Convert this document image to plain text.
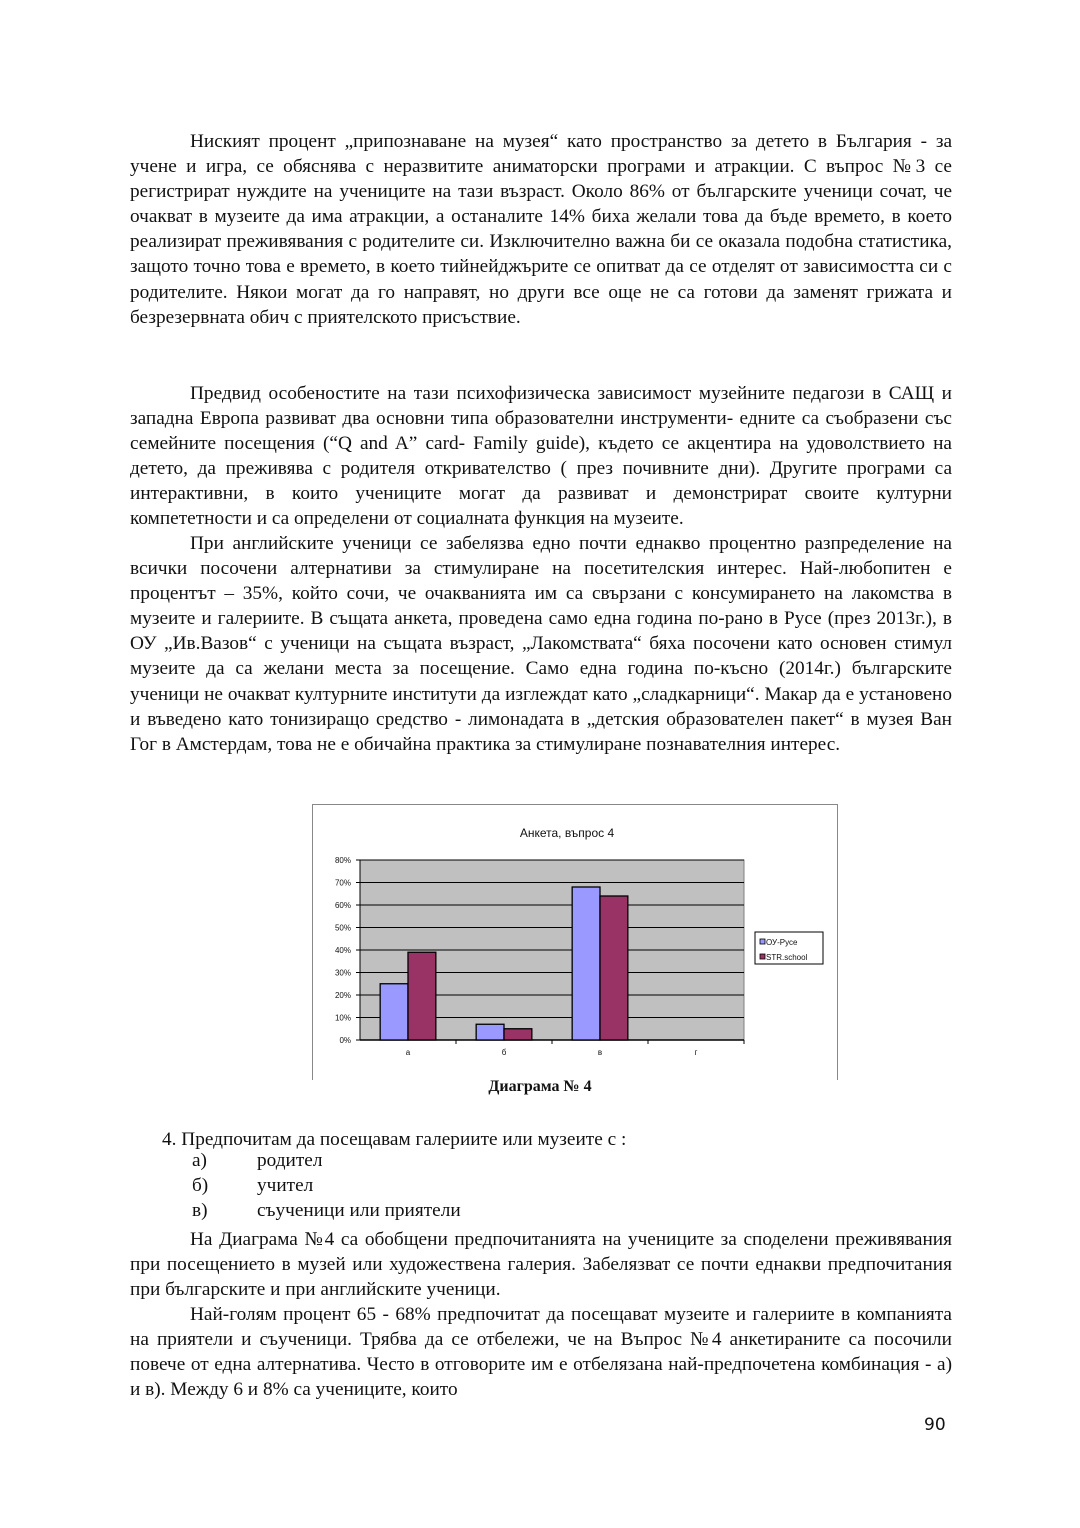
Ниският процент „припознаване на музея“ като пространство за детето в България - за учене и игра, се обяснява с неразвитите аниматорски програми и атракции. С въпрос №3 се регистрират нуждите на учениците на тази възраст. Около 86% от българските ученици сочат, че очакват в музеите да има атракции, а останалите 14% биха желали това да бъде времето, в което реализират преживявания с родителите си. Изключително важна би се оказала подобна статистика, защото точно това е времето, в което тийнейджърите се опитват да се отделят от зависимостта си с родителите. Някои могат да го направят, но други все още не са готови да заменят грижата и безрезервната обич с приятелското присъствие.

Предвид особеностите на тази психофизическа зависимост музейните педагози в САЩ и западна Европа развиват два основни типа образователни инструменти- едните са съобразени със семейните посещения (“Q and A” card- Family guide), където се акцентира на удоволствието на детето, да преживява с родителя откривателство ( през почивните дни). Другите програми са интерактивни, в които учениците могат да развиват и демонстрират своите културни компететности и са определени от социалната функция на музеите.

При английските ученици се забелязва едно почти еднакво процентно разпределение на всички посочени алтернативи за стимулиране на посетителския интерес. Най-любопитен е процентът – 35%, който сочи, че очакванията им са свързани с консумирането на лакомства в музеите и галериите. В същата анкета, проведена само една година по-рано в Русе (през 2013г.), в ОУ „Ив.Вазов“ с ученици на същата възраст, „Лакомствата“ бяха посочени като основен стимул музеите да са желани места за посещение. Само една година по-късно (2014г.) българските ученици не очакват културните институти да изглеждат като „сладкарници“. Макар да е установено и въведено като тонизиращо средство - лимонадата в „детския образователен пакет“ в музея Ван Гог в Амстердам, това не е обичайна практика за стимулиране познавателния интерес.

Анкета, въпрос 4
0%
10%
20%
30%
40%
50%
60%
70%
80%
а	б	в	г
ОУ-Русе
STR.school
Диаграма № 4
4. Предпочитам да посещавам галериите или музеите с :
а)	родител
б)	учител
в)	съученици или приятели

На Диаграма №4 са обобщени предпочитанията на учениците за споделени преживявания при посещението в музей или художествена галерия. Забелязват се почти еднакви предпочитания при българските и при английските ученици.

Най-голям процент 65 - 68% предпочитат да посещават музеите и галериите в компанията на приятели и съученици. Трябва да се отбележи, че на Въпрос №4 анкетираните са посочили повече от една алтернатива. Често в отговорите им е отбелязана най-предпочетена комбинация - а) и в). Между 6 и 8% са учениците, които

90
